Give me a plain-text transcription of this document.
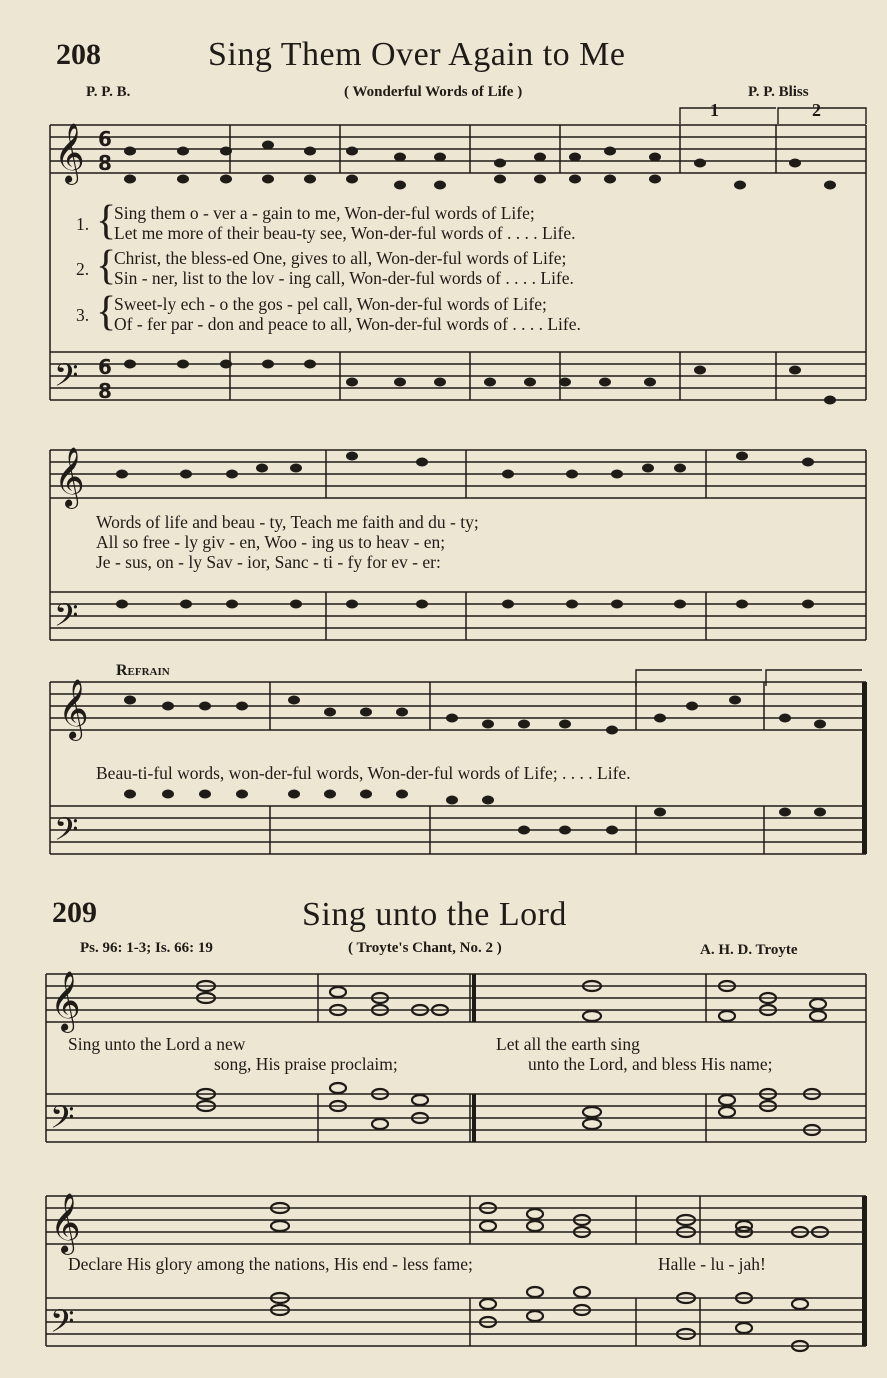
208	Sing Them Over Again to Me
P. P. B.	( Wonderful Words of Life )	P. P. Bliss
1	2
𝄞
𝄢
𝄞
𝄢
𝄞
𝄢
𝄞
𝄢
𝄞
𝄢
6
8
6
8
1. {
Sing them o - ver a - gain to me, Won-der-ful words of Life;
Let me more of their beau-ty see, Won-der-ful words of . . . . Life.
2. {
Christ, the bless-ed One, gives to all, Won-der-ful words of Life;
Sin - ner, list to the lov - ing call, Won-der-ful words of . . . . Life.
3. {
Sweet-ly ech - o the gos - pel call, Won-der-ful words of Life;
Of - fer par - don and peace to all, Won-der-ful words of . . . . Life.
Words of life and beau - ty, Teach me faith and du - ty;
All so free - ly giv - en, Woo - ing us to heav - en;
Je - sus, on - ly Sav - ior, Sanc - ti - fy for ev - er:
Refrain
Beau-ti-ful words, won-der-ful words, Won-der-ful words of Life; . . . . Life.
209	Sing unto the Lord
Ps. 96: 1-3; Is. 66: 19	( Troyte's Chant, No. 2 )	A. H. D. Troyte
Sing unto the Lord a new
song, His praise proclaim;
Let all the earth sing
unto the Lord, and bless His name;
Declare His glory among the nations, His end - less fame;	Halle - lu - jah!
